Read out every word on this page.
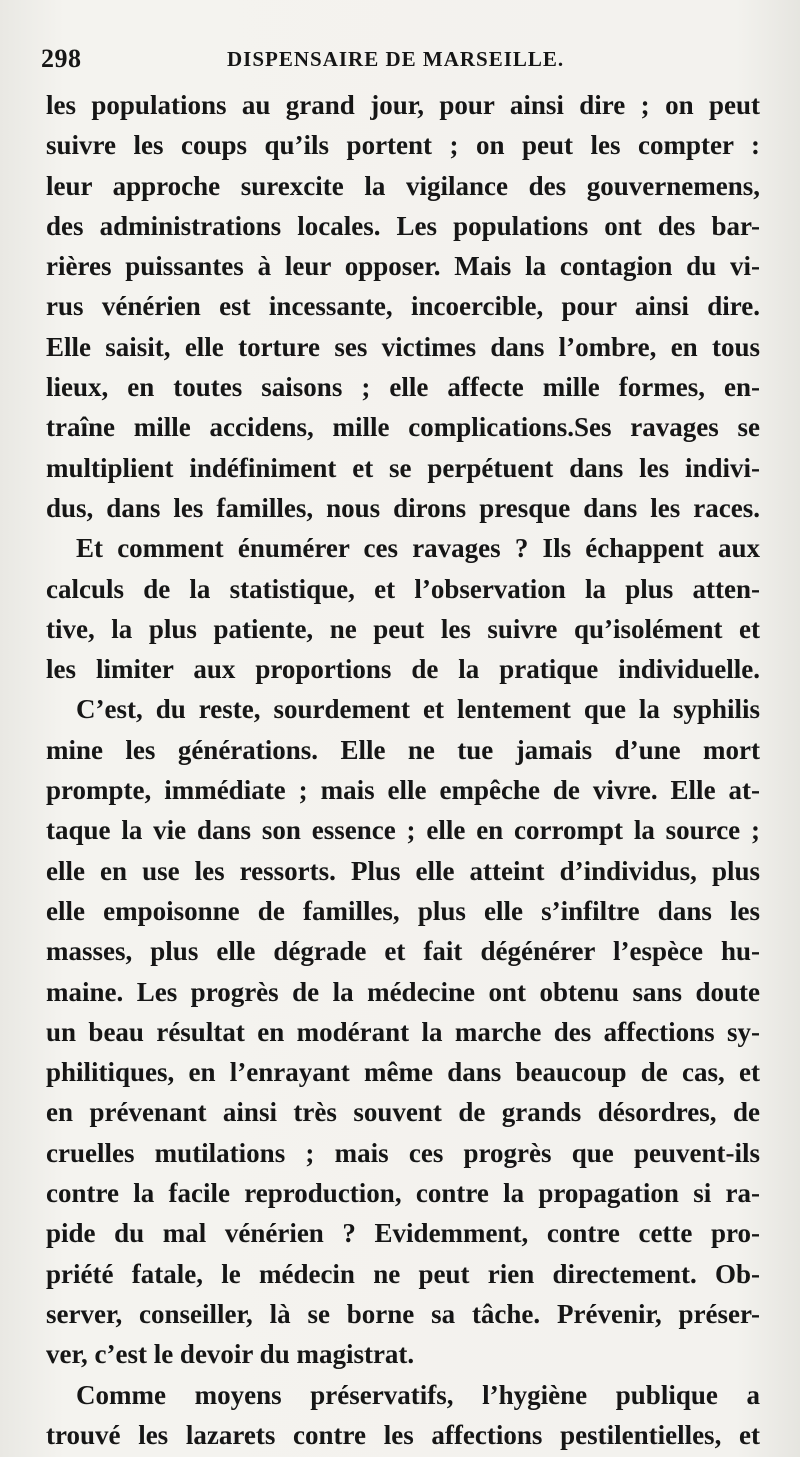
298	DISPENSAIRE DE MARSEILLE.
les populations au grand jour, pour ainsi dire ; on peut
suivre les coups qu’ils portent ; on peut les compter :
leur approche surexcite la vigilance des gouvernemens,
des administrations locales. Les populations ont des bar-
rières puissantes à leur opposer. Mais la contagion du vi-
rus vénérien est incessante, incoercible, pour ainsi dire.
Elle saisit, elle torture ses victimes dans l’ombre, en tous
lieux, en toutes saisons ; elle affecte mille formes, en-
traîne mille accidens, mille complications.Ses ravages se
multiplient indéfiniment et se perpétuent dans les indivi-
dus, dans les familles, nous dirons presque dans les races.
Et comment énumérer ces ravages ? Ils échappent aux
calculs de la statistique, et l’observation la plus atten-
tive, la plus patiente, ne peut les suivre qu’isolément et
les limiter aux proportions de la pratique individuelle.
C’est, du reste, sourdement et lentement que la syphilis
mine les générations. Elle ne tue jamais d’une mort
prompte, immédiate ; mais elle empêche de vivre. Elle at-
taque la vie dans son essence ; elle en corrompt la source ;
elle en use les ressorts. Plus elle atteint d’individus, plus
elle empoisonne de familles, plus elle s’infiltre dans les
masses, plus elle dégrade et fait dégénérer l’espèce hu-
maine. Les progrès de la médecine ont obtenu sans doute
un beau résultat en modérant la marche des affections sy-
philitiques, en l’enrayant même dans beaucoup de cas, et
en prévenant ainsi très souvent de grands désordres, de
cruelles mutilations ; mais ces progrès que peuvent-ils
contre la facile reproduction, contre la propagation si ra-
pide du mal vénérien ? Evidemment, contre cette pro-
priété fatale, le médecin ne peut rien directement. Ob-
server, conseiller, là se borne sa tâche. Prévenir, préser-
ver, c’est le devoir du magistrat.
Comme moyens préservatifs, l’hygiène publique a
trouvé les lazarets contre les affections pestilentielles, et
